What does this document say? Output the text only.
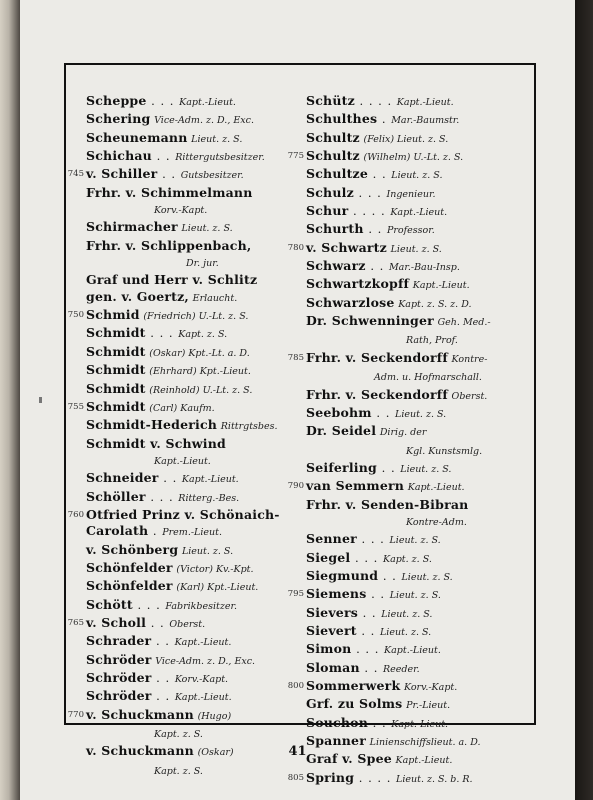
Scheppe . . . Kapt.-Lieut.
Schering Vice-Adm. z. D., Exc.
Scheunemann Lieut. z. S.
Schichau . . Rittergutsbesitzer.
745 v. Schiller . . Gutsbesitzer.
Frhr. v. Schimmelmann
Korv.-Kapt.
Schirmacher Lieut. z. S.
Frhr. v. Schlippenbach,
Dr. jur.
Graf und Herr v. Schlitz
gen. v. Goertz, Erlaucht.
750 Schmid (Friedrich) U.-Lt. z. S.
Schmidt . . . Kapt. z. S.
Schmidt (Oskar) Kpt.-Lt. a. D.
Schmidt (Ehrhard) Kpt.-Lieut.
Schmidt (Reinhold) U.-Lt. z. S.
755 Schmidt (Carl) Kaufm.
Schmidt-Hederich Rittrgtsbes.
Schmidt v. Schwind
Kapt.-Lieut.
Schneider . . Kapt.-Lieut.
Schöller . . . Ritterg.-Bes.
760 Otfried Prinz v. Schönaich-
Carolath . Prem.-Lieut.
v. Schönberg Lieut. z. S.
Schönfelder (Victor) Kv.-Kpt.
Schönfelder (Karl) Kpt.-Lieut.
Schött . . . Fabrikbesitzer.
765 v. Scholl . . Oberst.
Schrader . . Kapt.-Lieut.
Schröder Vice-Adm. z. D., Exc.
Schröder . . Korv.-Kapt.
Schröder . . Kapt.-Lieut.
770 v. Schuckmann (Hugo)
Kapt. z. S.
v. Schuckmann (Oskar)
Kapt. z. S.
Schütz . . . . Kapt.-Lieut.
Schulthes . Mar.-Baumstr.
Schultz (Felix) Lieut. z. S.
775 Schultz (Wilhelm) U.-Lt. z. S.
Schultze . . Lieut. z. S.
Schulz . . . Ingenieur.
Schur . . . . Kapt.-Lieut.
Schurth . . Professor.
780 v. Schwartz Lieut. z. S.
Schwarz . . Mar.-Bau-Insp.
Schwartzkopff Kapt.-Lieut.
Schwarzlose Kapt. z. S. z. D.
Dr. Schwenninger Geh. Med.-
Rath, Prof.
785 Frhr. v. Seckendorff Kontre-
Adm. u. Hofmarschall.
Frhr. v. Seckendorff Oberst.
Seebohm . . Lieut. z. S.
Dr. Seidel Dirig. der
Kgl. Kunstsmlg.
Seiferling . . Lieut. z. S.
790 van Semmern Kapt.-Lieut.
Frhr. v. Senden-Bibran
Kontre-Adm.
Senner . . . Lieut. z. S.
Siegel . . . Kapt. z. S.
Siegmund . . Lieut. z. S.
795 Siemens . . Lieut. z. S.
Sievers . . Lieut. z. S.
Sievert . . Lieut. z. S.
Simon . . . Kapt.-Lieut.
Sloman . . Reeder.
800 Sommerwerk Korv.-Kapt.
Grf. zu Solms Pr.-Lieut.
Souchon . . Kapt.-Lieut.
Spanner Linienschiffslieut. a. D.
Graf v. Spee Kapt.-Lieut.
805 Spring . . . . Lieut. z. S. b. R.
41
